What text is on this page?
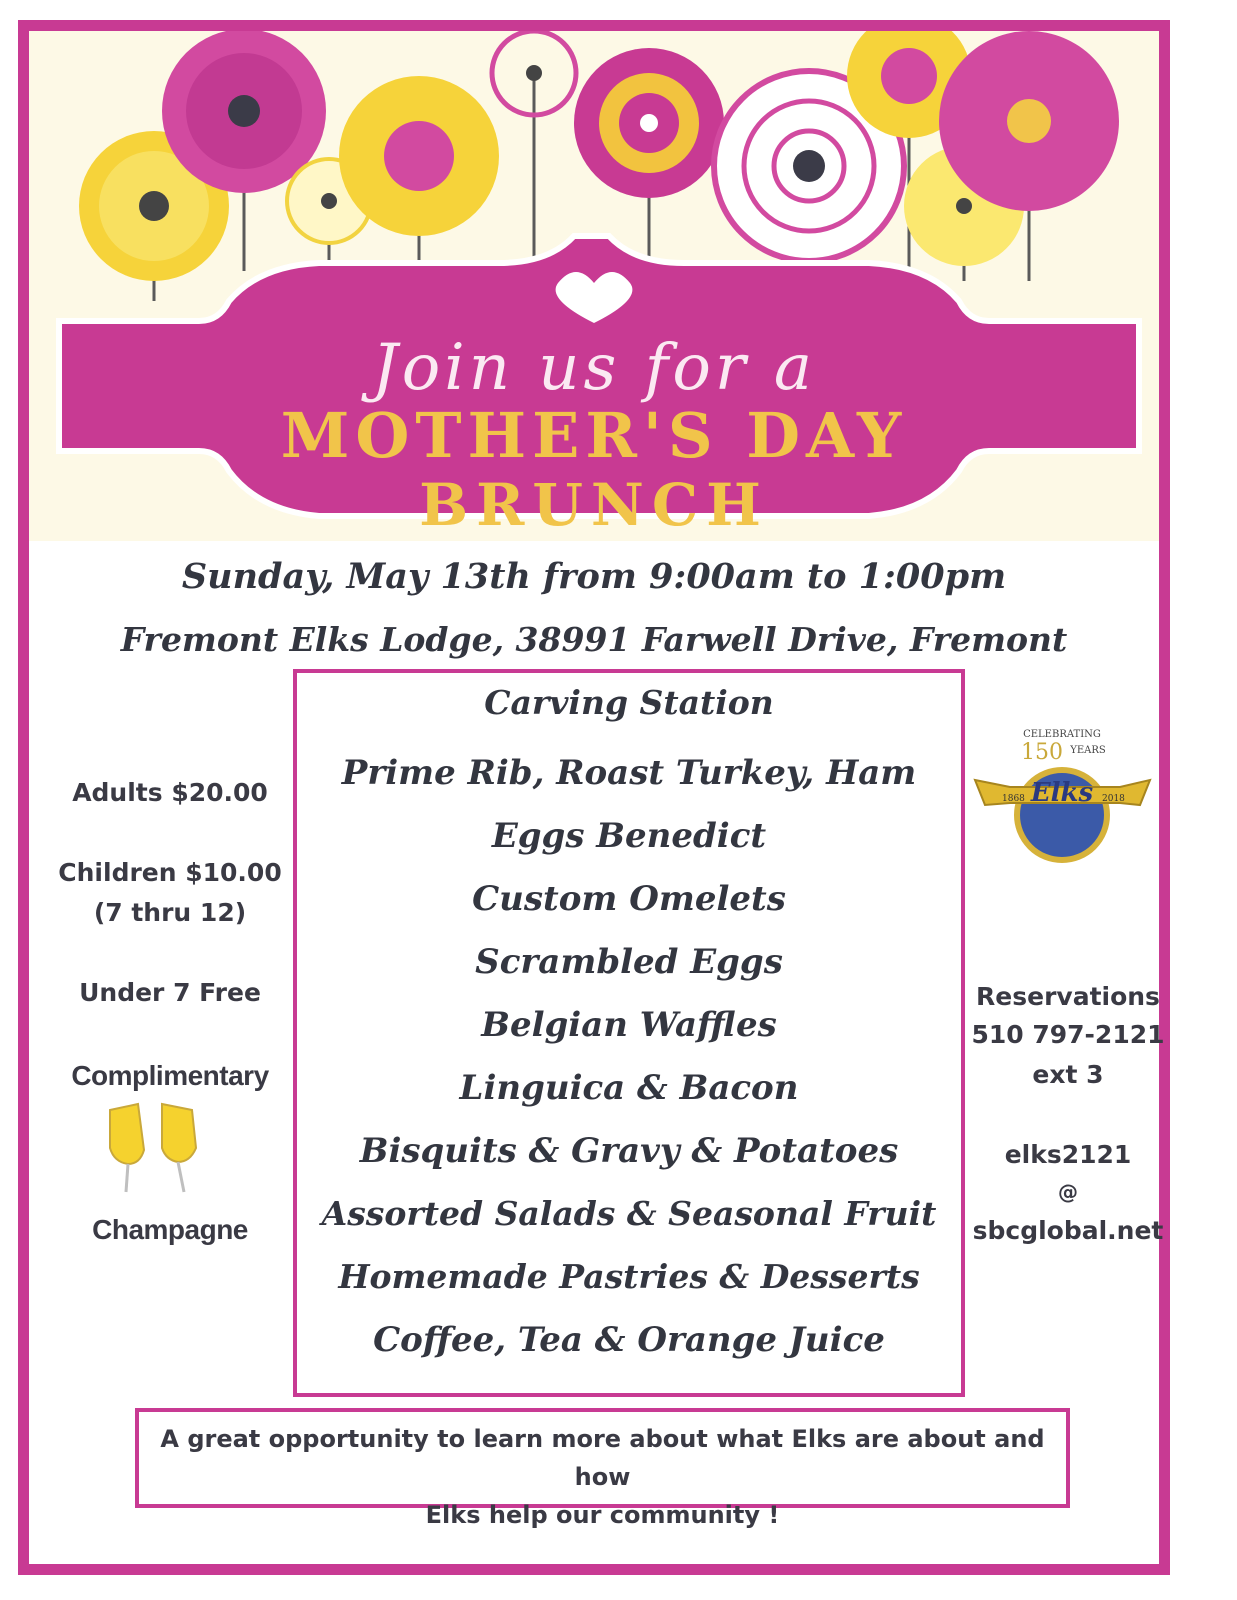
Join us for a
MOTHER'S DAY
BRUNCH
Sunday, May 13th from 9:00am to 1:00pm
Fremont Elks Lodge, 38991 Farwell Drive, Fremont
Carving Station
Prime Rib, Roast Turkey, Ham
Eggs Benedict
Custom Omelets
Scrambled Eggs
Belgian Waffles
Linguica & Bacon
Bisquits & Gravy & Potatoes
Assorted Salads & Seasonal Fruit
Homemade Pastries & Desserts
Coffee, Tea & Orange Juice
Adults $20.00
Children $10.00
(7 thru 12)
Under 7 Free
Complimentary
Champagne
Elks
1868	2018
CELEBRATING
150 YEARS
Reservations
510 797-2121
ext 3
elks2121
@
sbcglobal.net
A great opportunity to learn more about what Elks are about and how
Elks help our community !
